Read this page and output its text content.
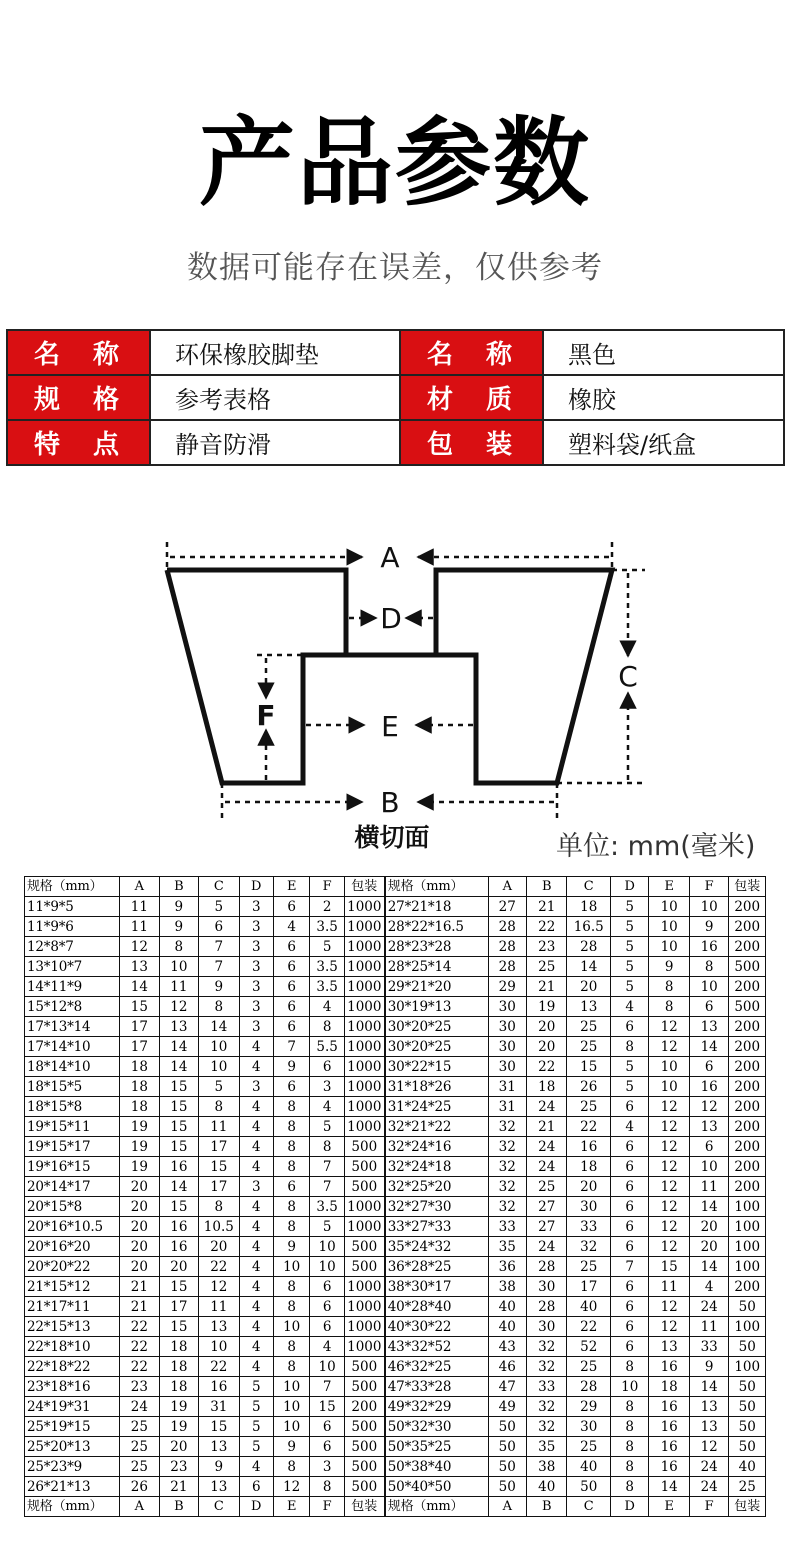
产品参数
数据可能存在误差，仅供参考
名 称	环保橡胶脚垫	名 称	黑色
规 格	参考表格	材 质	橡胶
特 点	静音防滑	包 装	塑料袋/纸盒
A
B
C
D
E
F
横切面	单位: mm(毫米)
规格（mm）	A	B	C	D	E	F	包装	规格（mm）	A	B	C	D	E	F	包装
11*9*5	11	9	5	3	6	2	1000	27*21*18	27	21	18	5	10	10	200
11*9*6	11	9	6	3	4	3.5	1000	28*22*16.5	28	22	16.5	5	10	9	200
12*8*7	12	8	7	3	6	5	1000	28*23*28	28	23	28	5	10	16	200
13*10*7	13	10	7	3	6	3.5	1000	28*25*14	28	25	14	5	9	8	500
14*11*9	14	11	9	3	6	3.5	1000	29*21*20	29	21	20	5	8	10	200
15*12*8	15	12	8	3	6	4	1000	30*19*13	30	19	13	4	8	6	500
17*13*14	17	13	14	3	6	8	1000	30*20*25	30	20	25	6	12	13	200
17*14*10	17	14	10	4	7	5.5	1000	30*20*25	30	20	25	8	12	14	200
18*14*10	18	14	10	4	9	6	1000	30*22*15	30	22	15	5	10	6	200
18*15*5	18	15	5	3	6	3	1000	31*18*26	31	18	26	5	10	16	200
18*15*8	18	15	8	4	8	4	1000	31*24*25	31	24	25	6	12	12	200
19*15*11	19	15	11	4	8	5	1000	32*21*22	32	21	22	4	12	13	200
19*15*17	19	15	17	4	8	8	500	32*24*16	32	24	16	6	12	6	200
19*16*15	19	16	15	4	8	7	500	32*24*18	32	24	18	6	12	10	200
20*14*17	20	14	17	3	6	7	500	32*25*20	32	25	20	6	12	11	200
20*15*8	20	15	8	4	8	3.5	1000	32*27*30	32	27	30	6	12	14	100
20*16*10.5	20	16	10.5	4	8	5	1000	33*27*33	33	27	33	6	12	20	100
20*16*20	20	16	20	4	9	10	500	35*24*32	35	24	32	6	12	20	100
20*20*22	20	20	22	4	10	10	500	36*28*25	36	28	25	7	15	14	100
21*15*12	21	15	12	4	8	6	1000	38*30*17	38	30	17	6	11	4	200
21*17*11	21	17	11	4	8	6	1000	40*28*40	40	28	40	6	12	24	50
22*15*13	22	15	13	4	10	6	1000	40*30*22	40	30	22	6	12	11	100
22*18*10	22	18	10	4	8	4	1000	43*32*52	43	32	52	6	13	33	50
22*18*22	22	18	22	4	8	10	500	46*32*25	46	32	25	8	16	9	100
23*18*16	23	18	16	5	10	7	500	47*33*28	47	33	28	10	18	14	50
24*19*31	24	19	31	5	10	15	200	49*32*29	49	32	29	8	16	13	50
25*19*15	25	19	15	5	10	6	500	50*32*30	50	32	30	8	16	13	50
25*20*13	25	20	13	5	9	6	500	50*35*25	50	35	25	8	16	12	50
25*23*9	25	23	9	4	8	3	500	50*38*40	50	38	40	8	16	24	40
26*21*13	26	21	13	6	12	8	500	50*40*50	50	40	50	8	14	24	25
规格（mm）	A	B	C	D	E	F	包装	规格（mm）	A	B	C	D	E	F	包装
